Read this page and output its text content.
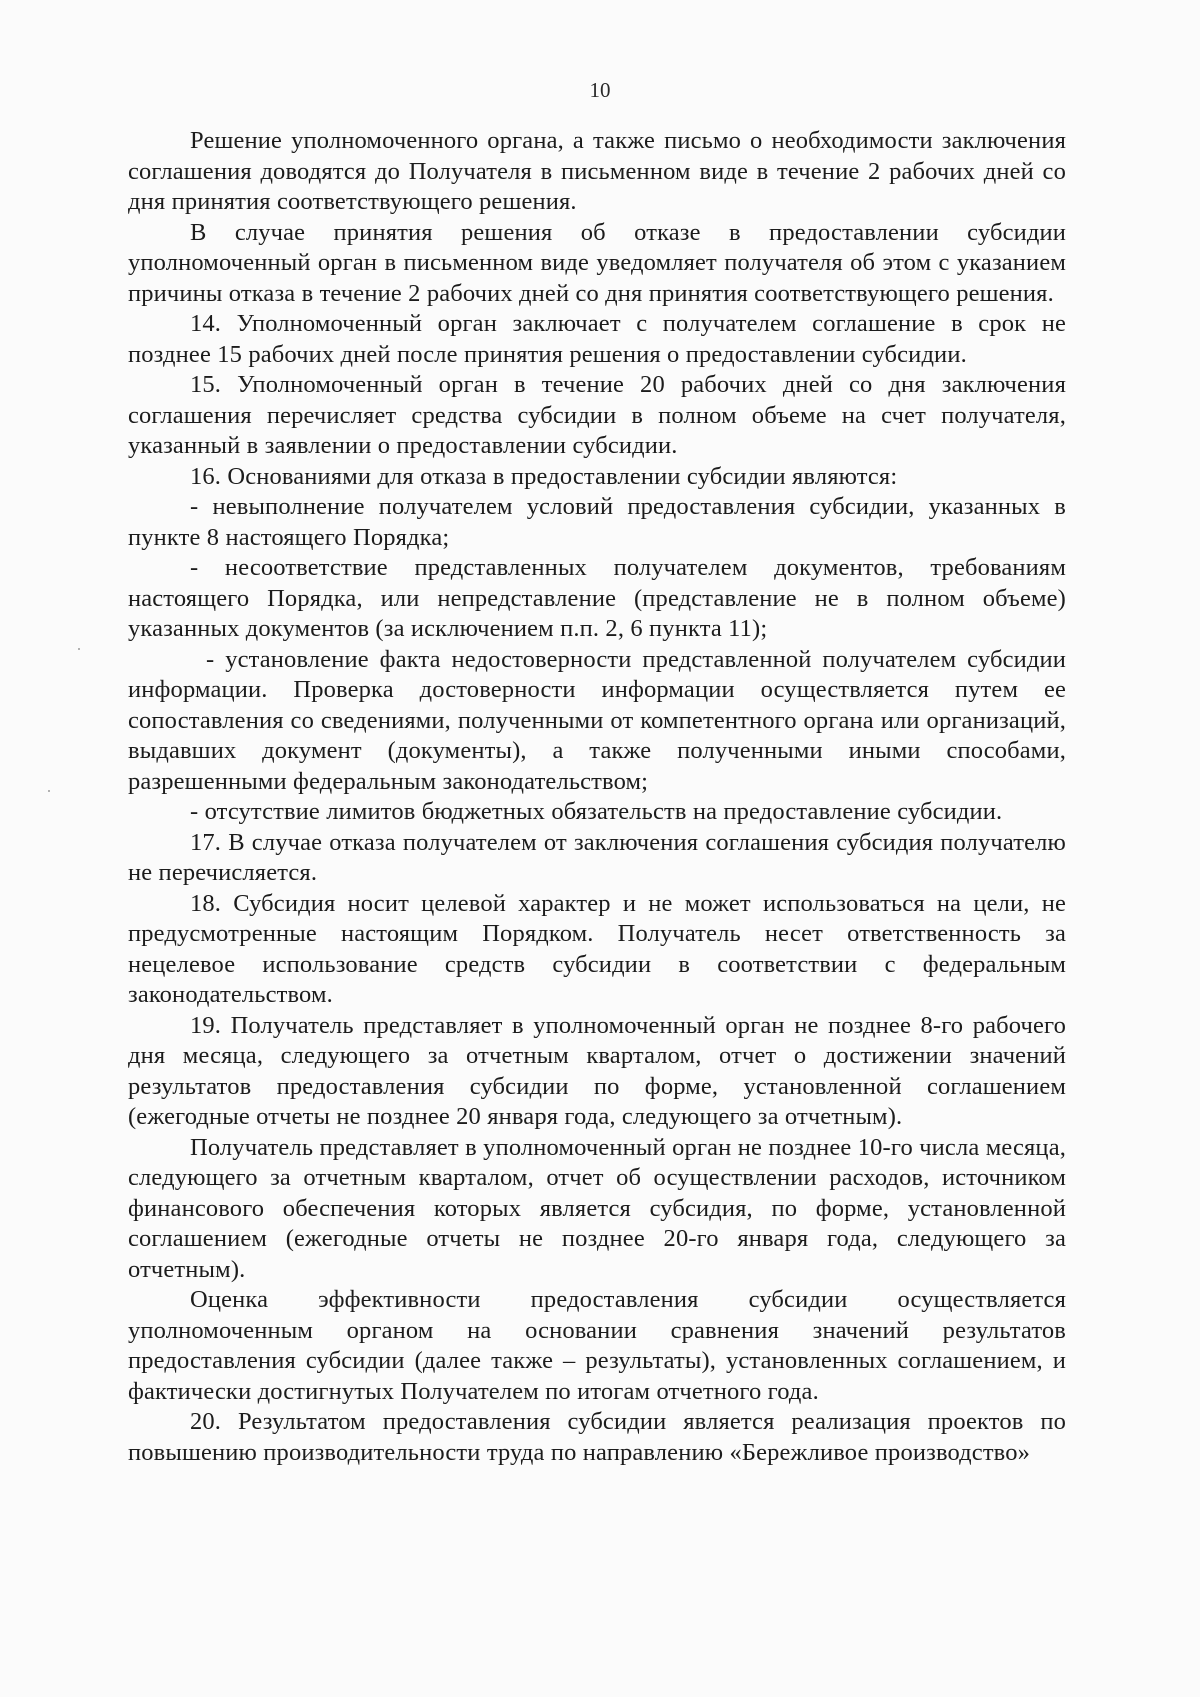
10

Решение уполномоченного органа, а также письмо о необходимости заключения соглашения доводятся до Получателя в письменном виде в течение 2 рабочих дней со дня принятия соответствующего решения.

В случае принятия решения об отказе в предоставлении субсидии уполномоченный орган в письменном виде уведомляет получателя об этом с указанием причины отказа в течение 2 рабочих дней со дня принятия соответствующего решения.

14. Уполномоченный орган заключает с получателем соглашение в срок не позднее 15 рабочих дней после принятия решения о предоставлении субсидии.

15. Уполномоченный орган в течение 20 рабочих дней со дня заключения соглашения перечисляет средства субсидии в полном объеме на счет получателя, указанный в заявлении о предоставлении субсидии.

16. Основаниями для отказа в предоставлении субсидии являются:

- невыполнение получателем условий предоставления субсидии, указанных в пункте 8 настоящего Порядка;

- несоответствие представленных получателем документов, требованиям настоящего Порядка, или непредставление (представление не в полном объеме) указанных документов (за исключением п.п. 2, 6 пункта 11);

- установление факта недостоверности представленной получателем субсидии информации. Проверка достоверности информации осуществляется путем ее сопоставления со сведениями, полученными от компетентного органа или организаций, выдавших документ (документы), а также полученными иными способами, разрешенными федеральным законодательством;

- отсутствие лимитов бюджетных обязательств на предоставление субсидии.

17. В случае отказа получателем от заключения соглашения субсидия получателю не перечисляется.

18. Субсидия носит целевой характер и не может использоваться на цели, не предусмотренные настоящим Порядком. Получатель несет ответственность за нецелевое использование средств субсидии в соответствии с федеральным законодательством.

19. Получатель представляет в уполномоченный орган не позднее 8-го рабочего дня месяца, следующего за отчетным кварталом, отчет о достижении значений результатов предоставления субсидии по форме, установленной соглашением (ежегодные отчеты не позднее 20 января года, следующего за отчетным).

Получатель представляет в уполномоченный орган не позднее 10-го числа месяца, следующего за отчетным кварталом, отчет об осуществлении расходов, источником финансового обеспечения которых является субсидия, по форме, установленной соглашением (ежегодные отчеты не позднее 20-го января года, следующего за отчетным).

Оценка эффективности предоставления субсидии осуществляется уполномоченным органом на основании сравнения значений результатов предоставления субсидии (далее также – результаты), установленных соглашением, и фактически достигнутых Получателем по итогам отчетного года.

20. Результатом предоставления субсидии является реализация проектов по повышению производительности труда по направлению «Бережливое производство»
